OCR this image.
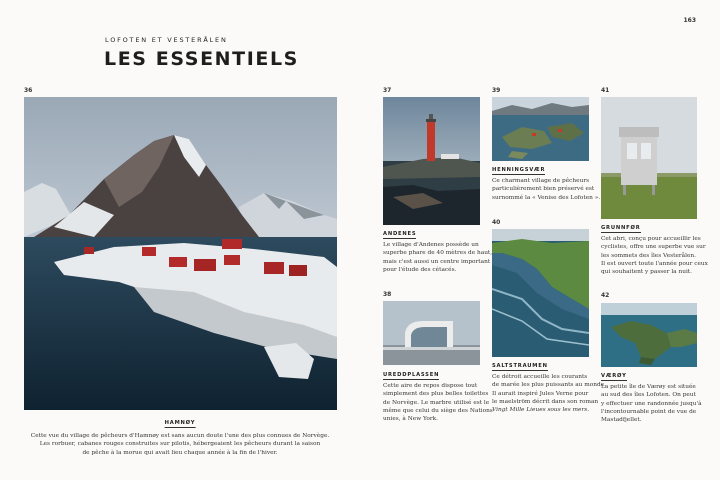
163
LOFOTEN ET VESTERÅLEN
LES ESSENTIELS
36
HAMNØY
Cette vue du village de pêcheurs d'Hamnøy est sans aucun doute l'une des plus connues de Norvège.
Les rorbuer, cabanes rouges construites sur pilotis, hébergeaient les pêcheurs durant la saison
de pêche à la morue qui avait lieu chaque année à la fin de l'hiver.
37
ANDENES
Le village d'Andenes possède un
superbe phare de 40 mètres de haut,
mais c'est aussi un centre important
pour l'étude des cétacés.
38
UREDDPLASSEN
Cette aire de repos dispose tout
simplement des plus belles toilettes
de Norvège. Le marbre utilisé est le
même que celui du siège des Nations
unies, à New York.
39
HENNINGSVÆR
Ce charmant village de pêcheurs
particulièrement bien préservé est
surnommé la « Venise des Lofoten ».
40
SALTSTRAUMEN
Ce détroit accueille les courants
de marée les plus puissants au monde.
Il aurait inspiré Jules Verne pour
le maelström décrit dans son roman
Vingt Mille Lieues sous les mers.
41
GRUNNFØR
Cet abri, conçu pour accueillir les
cyclistes, offre une superbe vue sur
les sommets des îles Vesterålen.
Il est ouvert toute l'année pour ceux
qui souhaitent y passer la nuit.
42
VÆRØY
La petite île de Værøy est située
au sud des îles Lofoten. On peut
y effectuer une randonnée jusqu'à
l'incontournable point de vue de
Mastadfjellet.
